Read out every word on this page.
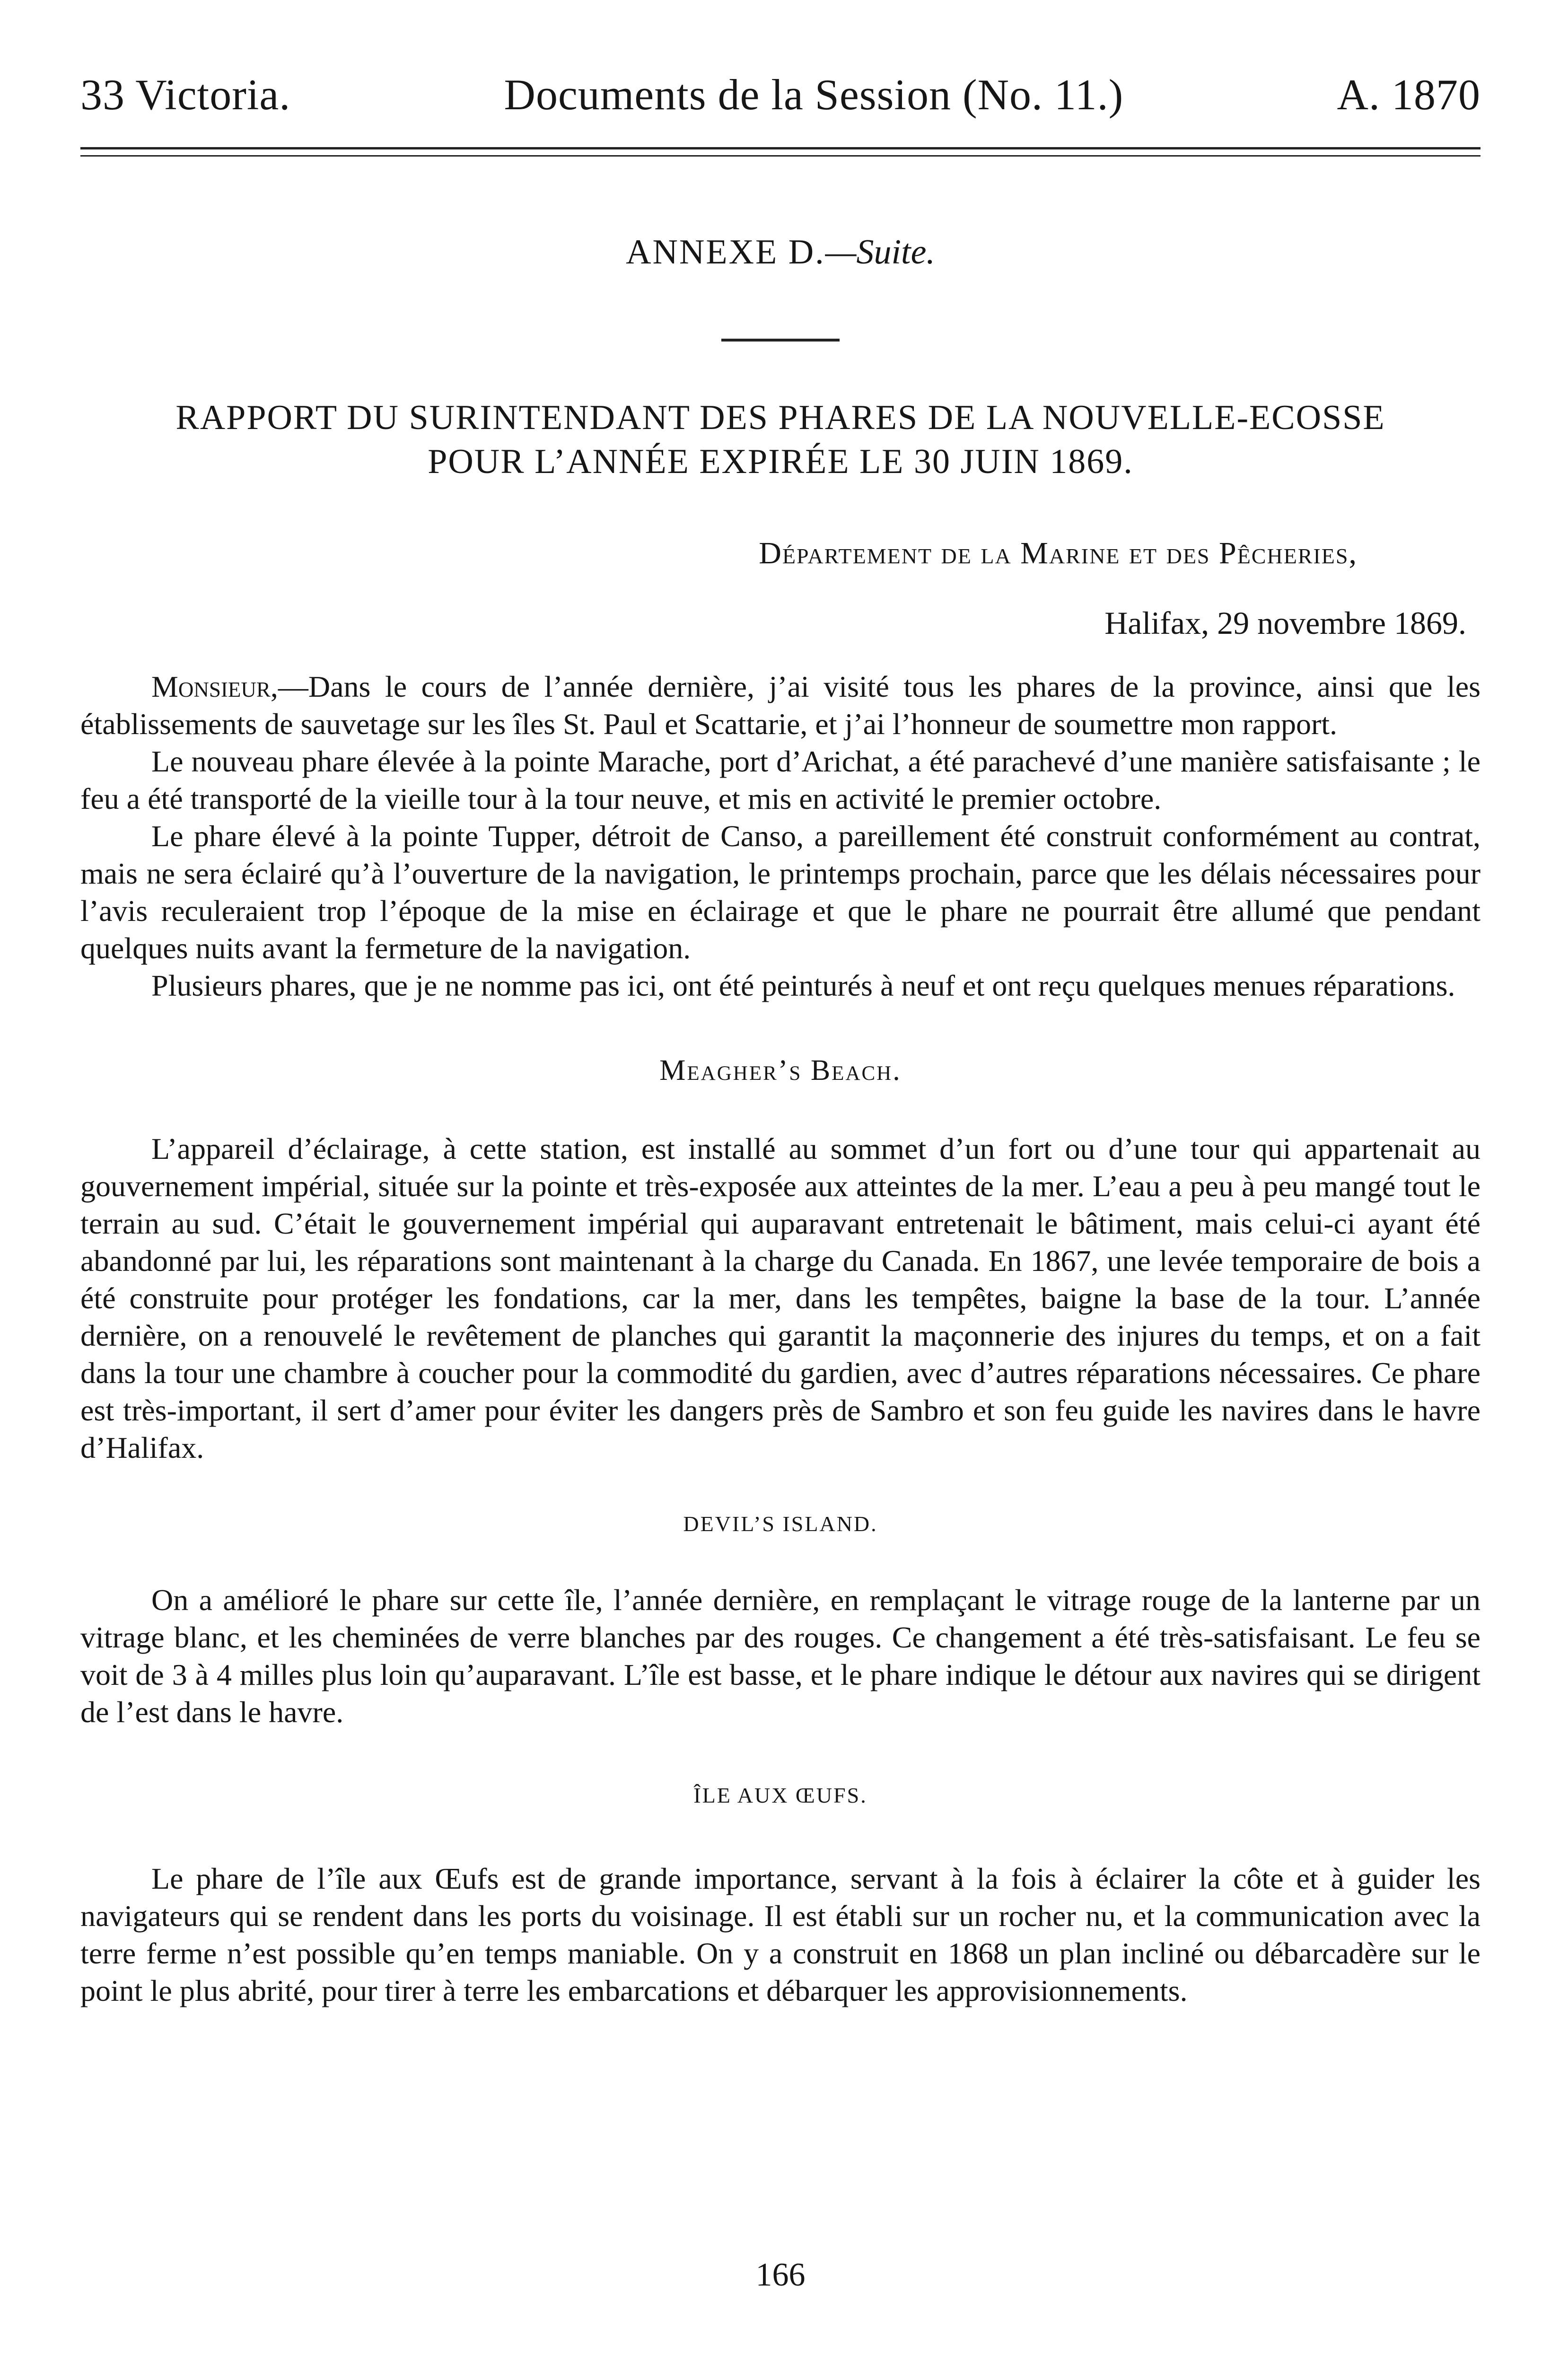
33 Victoria.	Documents de la Session (No. 11.)	A. 1870
ANNEXE D.—Suite.
RAPPORT DU SURINTENDANT DES PHARES DE LA NOUVELLE-ECOSSE
POUR L’ANNÉE EXPIRÉE LE 30 JUIN 1869.
Département de la Marine et des Pêcheries,
Halifax, 29 novembre 1869.

Monsieur,—Dans le cours de l’année dernière, j’ai visité tous les phares de la province, ainsi que les établissements de sauvetage sur les îles St. Paul et Scattarie, et j’ai l’honneur de soumettre mon rapport.

Le nouveau phare élevée à la pointe Marache, port d’Arichat, a été parachevé d’une manière satisfaisante ; le feu a été transporté de la vieille tour à la tour neuve, et mis en activité le premier octobre.

Le phare élevé à la pointe Tupper, détroit de Canso, a pareillement été construit conformément au contrat, mais ne sera éclairé qu’à l’ouverture de la navigation, le printemps prochain, parce que les délais nécessaires pour l’avis reculeraient trop l’époque de la mise en éclairage et que le phare ne pourrait être allumé que pendant quelques nuits avant la fermeture de la navigation.

Plusieurs phares, que je ne nomme pas ici, ont été peinturés à neuf et ont reçu quelques menues réparations.

Meagher’s Beach.

L’appareil d’éclairage, à cette station, est installé au sommet d’un fort ou d’une tour qui appartenait au gouvernement impérial, située sur la pointe et très-exposée aux atteintes de la mer. L’eau a peu à peu mangé tout le terrain au sud. C’était le gouvernement impérial qui auparavant entretenait le bâtiment, mais celui-ci ayant été abandonné par lui, les réparations sont maintenant à la charge du Canada. En 1867, une levée temporaire de bois a été construite pour protéger les fondations, car la mer, dans les tempêtes, baigne la base de la tour. L’année dernière, on a renouvelé le revêtement de planches qui garantit la maçonnerie des injures du temps, et on a fait dans la tour une chambre à coucher pour la commodité du gardien, avec d’autres réparations nécessaires. Ce phare est très-important, il sert d’amer pour éviter les dangers près de Sambro et son feu guide les navires dans le havre d’Halifax.

DEVIL’S ISLAND.

On a amélioré le phare sur cette île, l’année dernière, en remplaçant le vitrage rouge de la lanterne par un vitrage blanc, et les cheminées de verre blanches par des rouges. Ce changement a été très-satisfaisant. Le feu se voit de 3 à 4 milles plus loin qu’auparavant. L’île est basse, et le phare indique le détour aux navires qui se dirigent de l’est dans le havre.

ÎLE AUX ŒUFS.

Le phare de l’île aux Œufs est de grande importance, servant à la fois à éclairer la côte et à guider les navigateurs qui se rendent dans les ports du voisinage. Il est établi sur un rocher nu, et la communication avec la terre ferme n’est possible qu’en temps maniable. On y a construit en 1868 un plan incliné ou débarcadère sur le point le plus abrité, pour tirer à terre les embarcations et débarquer les approvisionnements.

166
